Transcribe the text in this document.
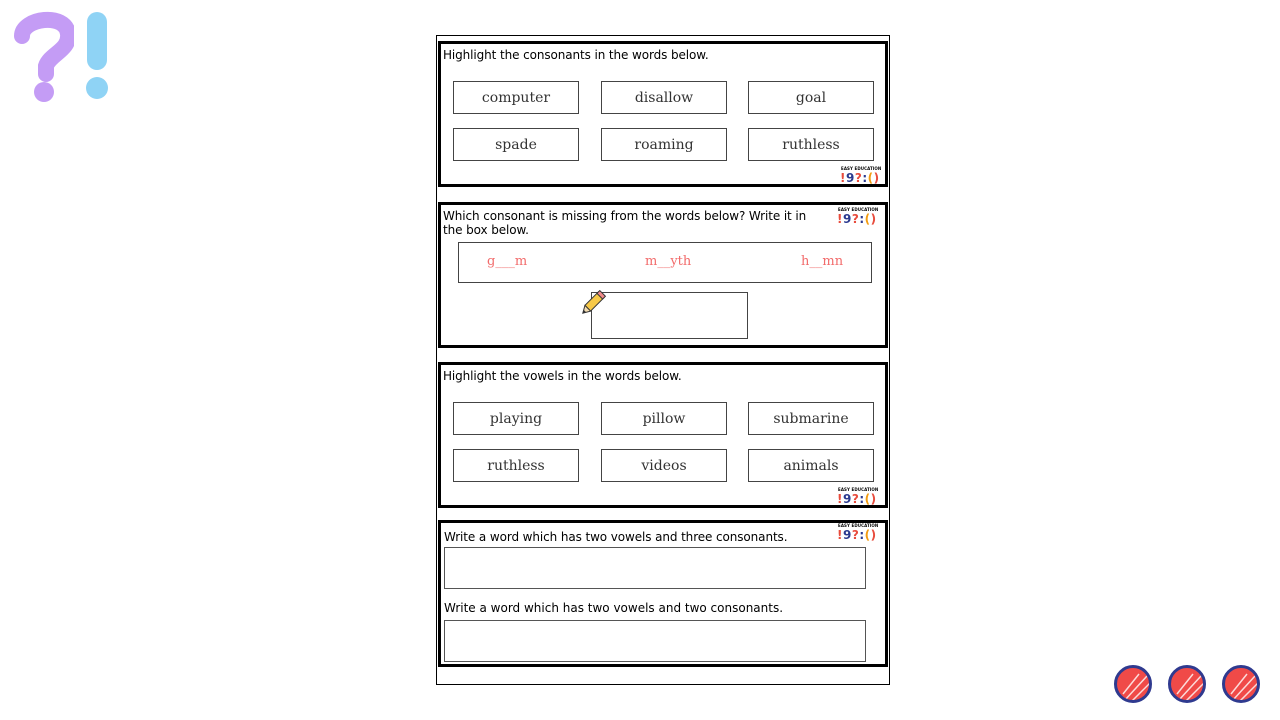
Highlight the consonants in the words below.
computer	disallow	goal
spade	roaming	ruthless
EASY EDUCATION
!9?:()
Which consonant is missing from the words below? Write it in the box below.
EASY EDUCATION
!9?:()
g___m	m__yth	h__mn
Highlight the vowels in the words below.
playing	pillow	submarine
ruthless	videos	animals
EASY EDUCATION
!9?:()
Write a word which has two vowels and three consonants.
EASY EDUCATION
!9?:()
Write a word which has two vowels and two consonants.
